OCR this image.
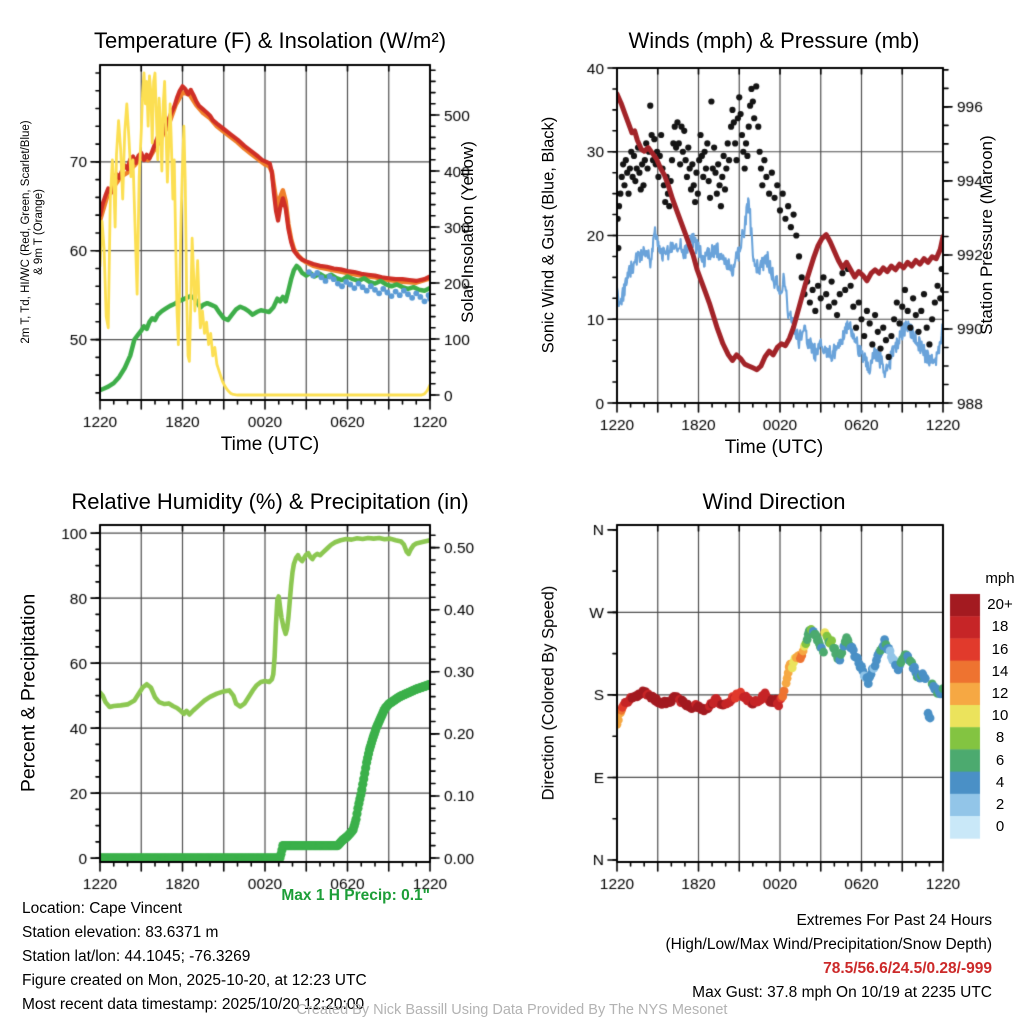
Temperature (F) & Insolation (W/m²)	Winds (mph) & Pressure (mb)
Relative Humidity (%) & Precipitation (in)	Wind Direction
2m T, Td, HI/WC (Red, Green, Scarlet/Blue) & 9m T (Orange)	Solar Insolation (Yellow)	Sonic Wind & Gust (Blue, Black)	Station Pressure (Maroon)
Percent & Precipitation	Direction (Colored By Speed)
Time (UTC)	Time (UTC)
mph
20+
18
16
14
12
10
8
6
4
2
0
Max 1 H Precip: 0.1"
Location: Cape Vincent
Station elevation: 83.6371 m
Station lat/lon: 44.1045; -76.3269
Figure created on Mon, 2025-10-20, at 12:23 UTC
Most recent data timestamp: 2025/10/20 12:20:00
Extremes For Past 24 Hours
(High/Low/Max Wind/Precipitation/Snow Depth)
78.5/56.6/24.5/0.28/-999
Max Gust: 37.8 mph On 10/19 at 2235 UTC
Created By Nick Bassill Using Data Provided By The NYS Mesonet
